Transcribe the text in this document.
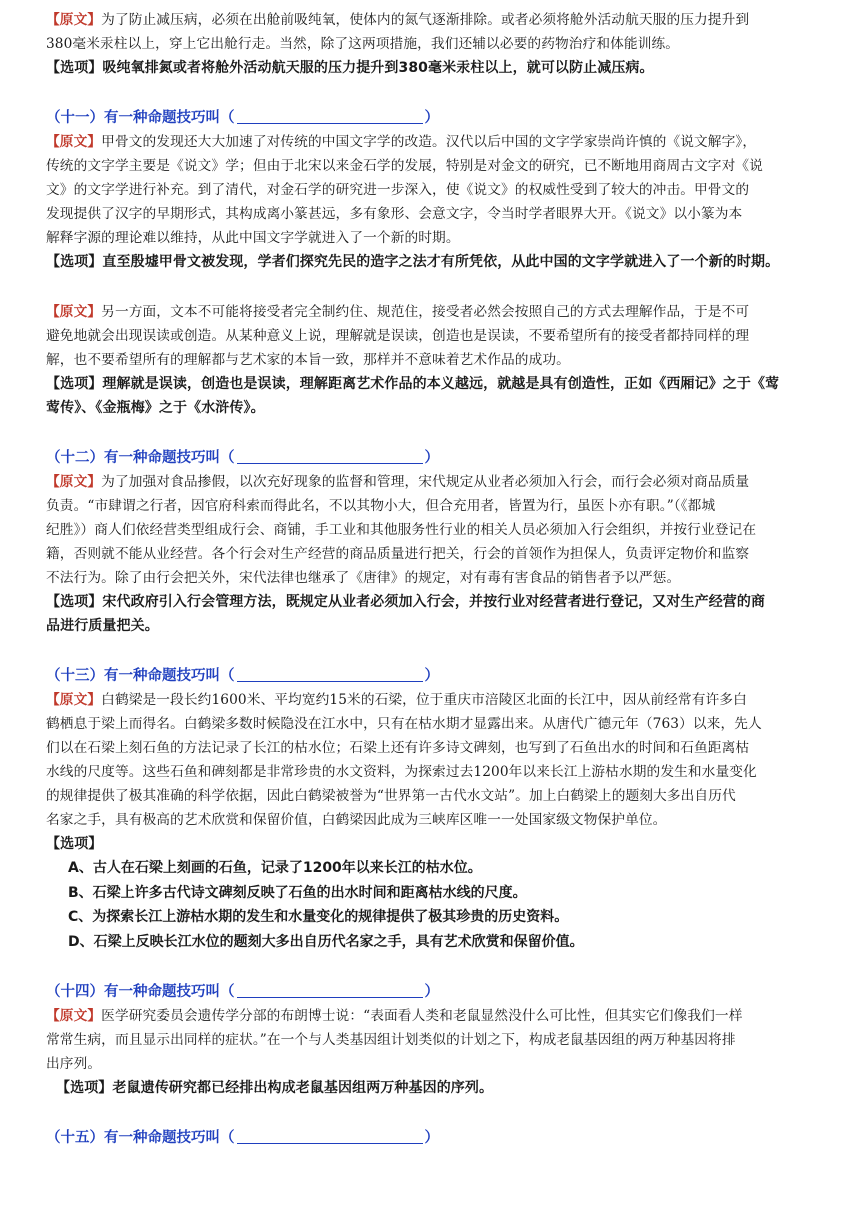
【原文】为了防止减压病，必须在出舱前吸纯氧，使体内的氮气逐渐排除。或者必须将舱外活动航天服的压力提升到
380毫米汞柱以上，穿上它出舱行走。当然，除了这两项措施，我们还辅以必要的药物治疗和体能训练。
【选项】吸纯氧排氮或者将舱外活动航天服的压力提升到380毫米汞柱以上，就可以防止减压病。
（十一）有一种命题技巧叫（	）
【原文】甲骨文的发现还大大加速了对传统的中国文字学的改造。汉代以后中国的文字学家崇尚许慎的《说文解字》，
传统的文字学主要是《说文》学；但由于北宋以来金石学的发展，特别是对金文的研究，已不断地用商周古文字对《说
文》的文字学进行补充。到了清代，对金石学的研究进一步深入，使《说文》的权威性受到了较大的冲击。甲骨文的
发现提供了汉字的早期形式，其构成离小篆甚远，多有象形、会意文字，令当时学者眼界大开。《说文》以小篆为本
解释字源的理论难以维持，从此中国文字学就进入了一个新的时期。
【选项】直至殷墟甲骨文被发现，学者们探究先民的造字之法才有所凭依，从此中国的文字学就进入了一个新的时期。
【原文】另一方面，文本不可能将接受者完全制约住、规范住，接受者必然会按照自己的方式去理解作品，于是不可
避免地就会出现误读或创造。从某种意义上说，理解就是误读，创造也是误读，不要希望所有的接受者都持同样的理
解，也不要希望所有的理解都与艺术家的本旨一致，那样并不意味着艺术作品的成功。
【选项】理解就是误读，创造也是误读，理解距离艺术作品的本义越远，就越是具有创造性，正如《西厢记》之于《莺
莺传》、《金瓶梅》之于《水浒传》。
（十二）有一种命题技巧叫（	）
【原文】为了加强对食品掺假，以次充好现象的监督和管理，宋代规定从业者必须加入行会，而行会必须对商品质量
负责。“市肆谓之行者，因官府科索而得此名，不以其物小大，但合充用者，皆置为行，虽医卜亦有职。”（《都城
纪胜》）商人们依经营类型组成行会、商铺，手工业和其他服务性行业的相关人员必须加入行会组织，并按行业登记在
籍，否则就不能从业经营。各个行会对生产经营的商品质量进行把关，行会的首领作为担保人，负责评定物价和监察
不法行为。除了由行会把关外，宋代法律也继承了《唐律》的规定，对有毒有害食品的销售者予以严惩。
【选项】宋代政府引入行会管理方法，既规定从业者必须加入行会，并按行业对经营者进行登记，又对生产经营的商
品进行质量把关。
（十三）有一种命题技巧叫（	）
【原文】白鹤梁是一段长约1600米、平均宽约15米的石梁，位于重庆市涪陵区北面的长江中，因从前经常有许多白
鹤栖息于梁上而得名。白鹤梁多数时候隐没在江水中，只有在枯水期才显露出来。从唐代广德元年（763）以来，先人
们以在石梁上刻石鱼的方法记录了长江的枯水位；石梁上还有许多诗文碑刻，也写到了石鱼出水的时间和石鱼距离枯
水线的尺度等。这些石鱼和碑刻都是非常珍贵的水文资料，为探索过去1200年以来长江上游枯水期的发生和水量变化
的规律提供了极其准确的科学依据，因此白鹤梁被誉为“世界第一古代水文站”。加上白鹤梁上的题刻大多出自历代
名家之手，具有极高的艺术欣赏和保留价值，白鹤梁因此成为三峡库区唯一一处国家级文物保护单位。
【选项】
A、古人在石梁上刻画的石鱼，记录了1200年以来长江的枯水位。
B、石梁上许多古代诗文碑刻反映了石鱼的出水时间和距离枯水线的尺度。
C、为探索长江上游枯水期的发生和水量变化的规律提供了极其珍贵的历史资料。
D、石梁上反映长江水位的题刻大多出自历代名家之手，具有艺术欣赏和保留价值。
（十四）有一种命题技巧叫（	）
【原文】医学研究委员会遗传学分部的布朗博士说：“表面看人类和老鼠显然没什么可比性，但其实它们像我们一样
常常生病，而且显示出同样的症状。”在一个与人类基因组计划类似的计划之下，构成老鼠基因组的两万种基因将排
出序列。
【选项】老鼠遗传研究都已经排出构成老鼠基因组两万种基因的序列。
（十五）有一种命题技巧叫（	）
